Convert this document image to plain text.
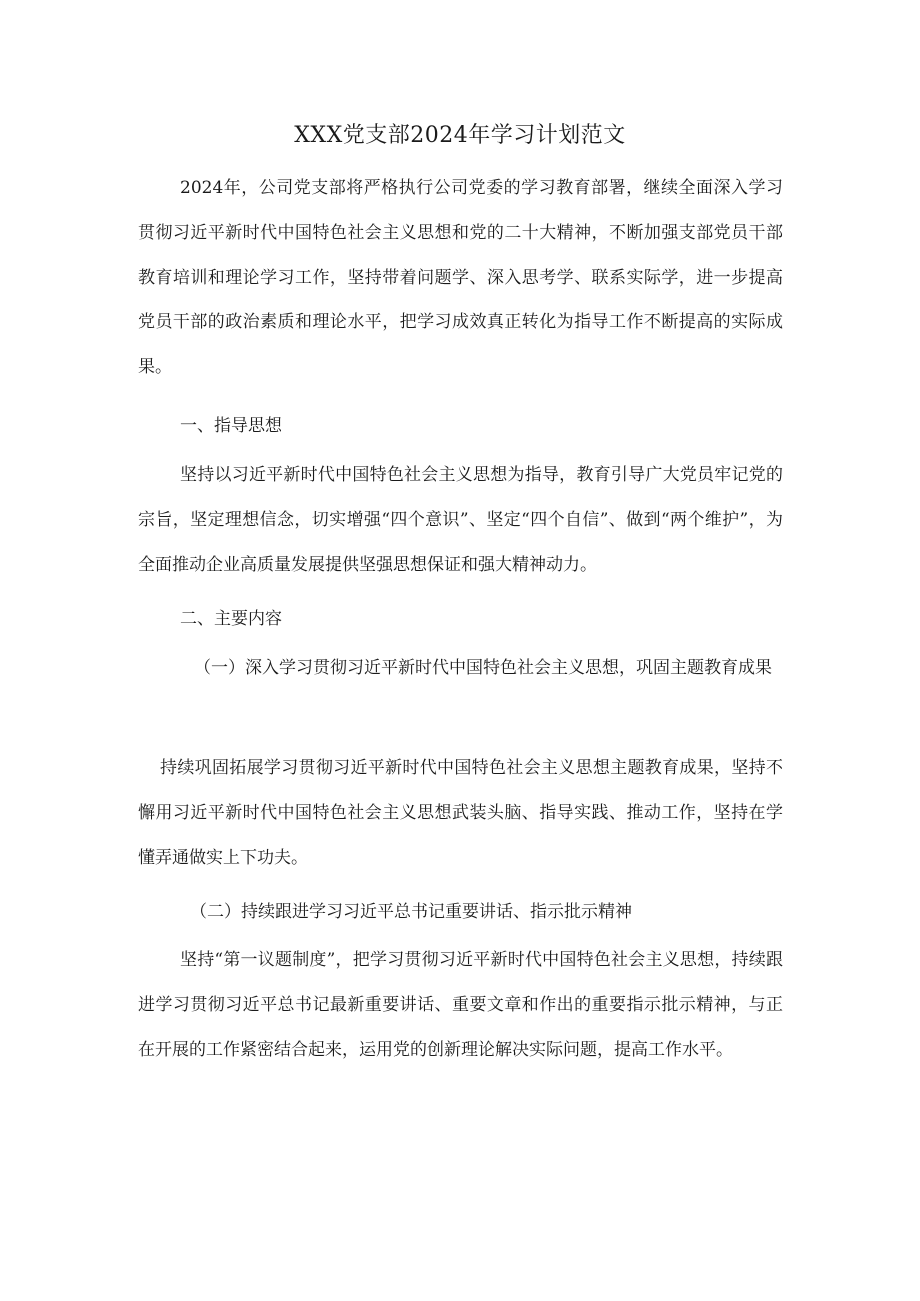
XXX党支部2024年学习计划范文

2024年，公司党支部将严格执行公司党委的学习教育部署，继续全面深入学习贯彻习近平新时代中国特色社会主义思想和党的二十大精神，不断加强支部党员干部教育培训和理论学习工作，坚持带着问题学、深入思考学、联系实际学，进一步提高党员干部的政治素质和理论水平，把学习成效真正转化为指导工作不断提高的实际成果。

一、指导思想

坚持以习近平新时代中国特色社会主义思想为指导，教育引导广大党员牢记党的宗旨，坚定理想信念，切实增强“四个意识”、坚定“四个自信”、做到“两个维护”，为全面推动企业高质量发展提供坚强思想保证和强大精神动力。

二、主要内容

（一）深入学习贯彻习近平新时代中国特色社会主义思想，巩固主题教育成果

持续巩固拓展学习贯彻习近平新时代中国特色社会主义思想主题教育成果，坚持不懈用习近平新时代中国特色社会主义思想武装头脑、指导实践、推动工作，坚持在学懂弄通做实上下功夫。

（二）持续跟进学习习近平总书记重要讲话、指示批示精神

坚持“第一议题制度”，把学习贯彻习近平新时代中国特色社会主义思想，持续跟进学习贯彻习近平总书记最新重要讲话、重要文章和作出的重要指示批示精神，与正在开展的工作紧密结合起来，运用党的创新理论解决实际问题，提高工作水平。
